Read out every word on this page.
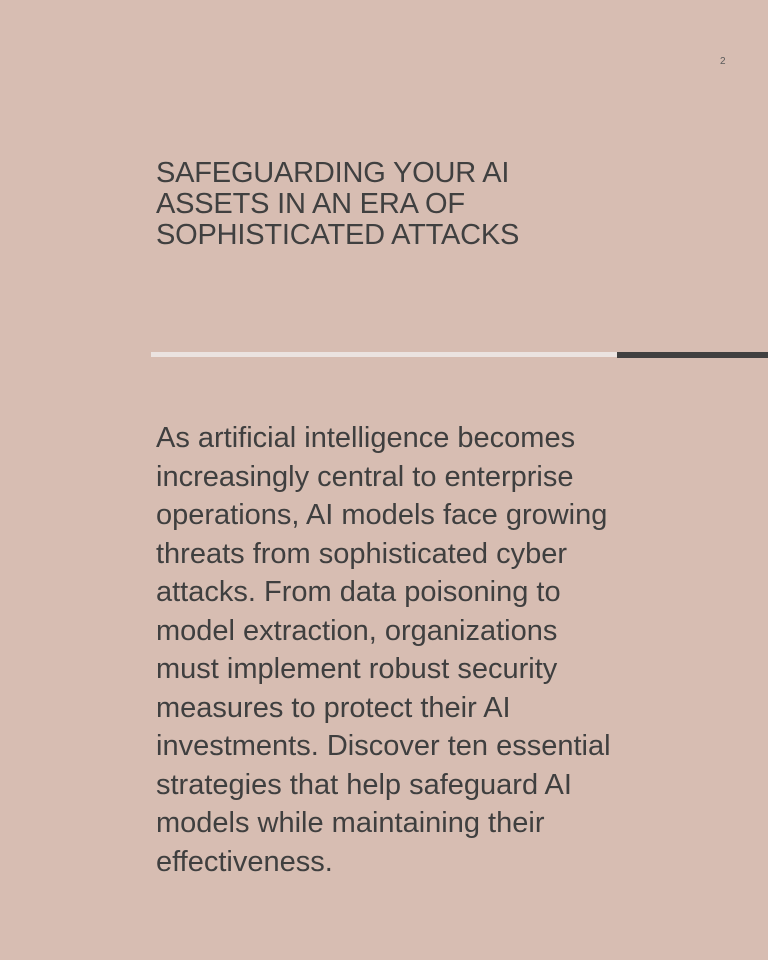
2
SAFEGUARDING YOUR AI ASSETS IN AN ERA OF SOPHISTICATED ATTACKS

As artificial intelligence becomes increasingly central to enterprise operations, AI models face growing threats from sophisticated cyber attacks. From data poisoning to model extraction, organizations must implement robust security measures to protect their AI investments. Discover ten essential strategies that help safeguard AI models while maintaining their effectiveness.
